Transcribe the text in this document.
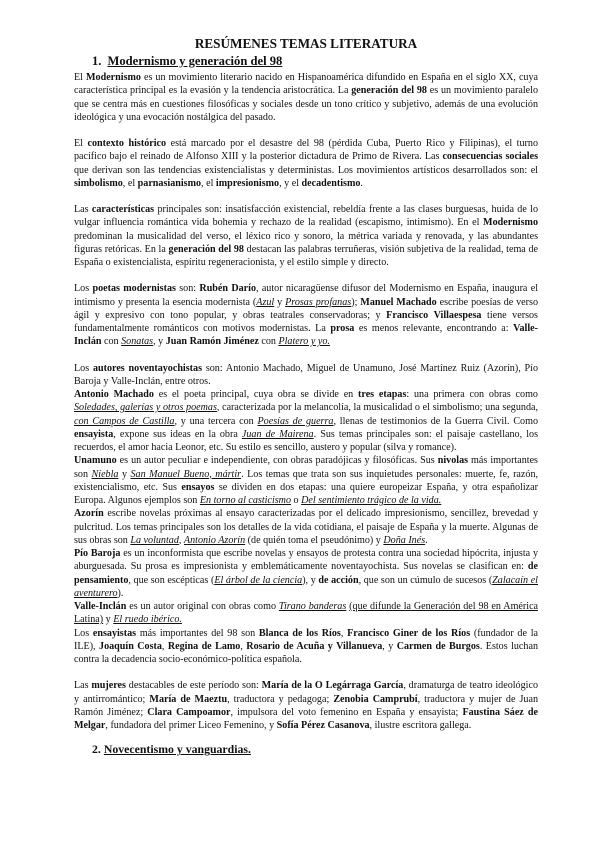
RESÚMENES TEMAS LITERATURA
1. Modernismo y generación del 98

El Modernismo es un movimiento literario nacido en Hispanoamérica difundido en España en el siglo XX, cuya característica principal es la evasión y la tendencia aristocrática. La generación del 98 es un movimiento paralelo que se centra más en cuestiones filosóficas y sociales desde un tono crítico y subjetivo, además de una evolución ideológica y una evocación nostálgica del pasado.

El contexto histórico está marcado por el desastre del 98 (pérdida Cuba, Puerto Rico y Filipinas), el turno pacífico bajo el reinado de Alfonso XIII y la posterior dictadura de Primo de Rivera. Las consecuencias sociales que derivan son las tendencias existencialistas y deterministas. Los movimientos artísticos desarrollados son: el simbolismo, el parnasianismo, el impresionismo, y el decadentismo.

Las características principales son: insatisfacción existencial, rebeldía frente a las clases burguesas, huida de lo vulgar influencia romántica vida bohemia y rechazo de la realidad (escapismo, intimismo). En el Modernismo predominan la musicalidad del verso, el léxico rico y sonoro, la métrica variada y renovada, y las abundantes figuras retóricas. En la generación del 98 destacan las palabras terruñeras, visión subjetiva de la realidad, tema de España o existencialista, espíritu regeneracionista, y el estilo simple y directo.

Los poetas modernistas son: Rubén Darío, autor nicaragüense difusor del Modernismo en España, inaugura el intimismo y presenta la esencia modernista (Azul y Prosas profanas); Manuel Machado escribe poesías de verso ágil y expresivo con tono popular, y obras teatrales conservadoras; y Francisco Villaespesa tiene versos fundamentalmente románticos con motivos modernistas. La prosa es menos relevante, encontrando a: Valle-Inclán con Sonatas, y Juan Ramón Jiménez con Platero y yo.

Los autores noventayochistas son: Antonio Machado, Miguel de Unamuno, José Martínez Ruiz (Azorín), Pío Baroja y Valle-Inclán, entre otros.

Antonio Machado es el poeta principal, cuya obra se divide en tres etapas: una primera con obras como Soledades, galerías y otros poemas, caracterizada por la melancolía, la musicalidad o el simbolismo; una segunda, con Campos de Castilla, y una tercera con Poesías de guerra, llenas de testimonios de la Guerra Civil. Como ensayista, expone sus ideas en la obra Juan de Mairena. Sus temas principales son: el paisaje castellano, los recuerdos, el amor hacia Leonor, etc. Su estilo es sencillo, austero y popular (silva y romance).

Unamuno es un autor peculiar e independiente, con obras paradójicas y filosóficas. Sus nivolas más importantes son Niebla y San Manuel Bueno, mártir. Los temas que trata son sus inquietudes personales: muerte, fe, razón, existencialismo, etc. Sus ensayos se dividen en dos etapas: una quiere europeizar España, y otra españolizar Europa. Algunos ejemplos son En torno al casticismo o Del sentimiento trágico de la vida.

Azorín escribe novelas próximas al ensayo caracterizadas por el delicado impresionismo, sencillez, brevedad y pulcritud. Los temas principales son los detalles de la vida cotidiana, el paisaje de España y la muerte. Algunas de sus obras son La voluntad, Antonio Azorín (de quién toma el pseudónimo) y Doña Inés.

Pío Baroja es un inconformista que escribe novelas y ensayos de protesta contra una sociedad hipócrita, injusta y aburguesada. Su prosa es impresionista y emblemáticamente noventayochista. Sus novelas se clasifican en: de pensamiento, que son escépticas (El árbol de la ciencia), y de acción, que son un cúmulo de sucesos (Zalacaín el aventurero).

Valle-Inclán es un autor original con obras como Tirano banderas (que difunde la Generación del 98 en América Latina) y El ruedo ibérico.

Los ensayistas más importantes del 98 son Blanca de los Ríos, Francisco Giner de los Ríos (fundador de la ILE), Joaquín Costa, Regina de Lamo, Rosario de Acuña y Villanueva, y Carmen de Burgos. Estos luchan contra la decadencia socio-económico-política española.

Las mujeres destacables de este período son: María de la O Legárraga García, dramaturga de teatro ideológico y antirromántico; María de Maeztu, traductora y pedagoga; Zenobia Camprubí, traductora y mujer de Juan Ramón Jiménez; Clara Campoamor, impulsora del voto femenino en España y ensayista; Faustina Sáez de Melgar, fundadora del primer Liceo Femenino, y Sofía Pérez Casanova, ilustre escritora gallega.

2. Novecentismo y vanguardias.
